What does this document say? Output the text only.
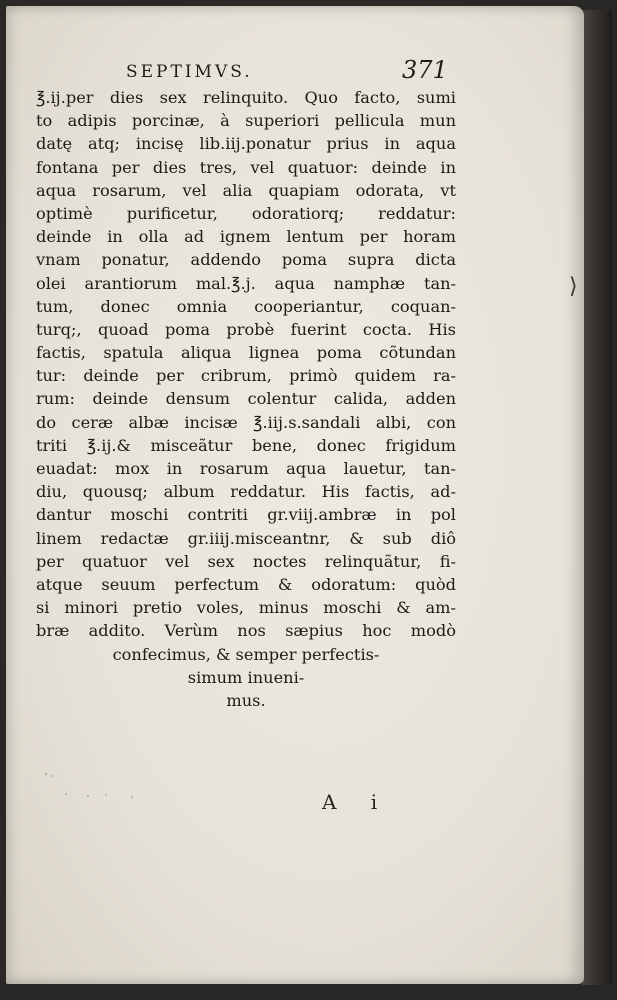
⟩
SEPTIMVS.	371
℥.ij.per dies sex relinquito. Quo facto, sumi
to adipis porcinæ, à superiori pellicula mun
datę atq; incisę lib.iij.ponatur prius in aqua
fontana per dies tres, vel quatuor: deinde in
aqua rosarum, vel alia quapiam odorata, vt
optimè purificetur, odoratiorq; reddatur:
deinde in olla ad ignem lentum per horam
vnam ponatur, addendo poma supra dicta
olei arantiorum mal.℥.j. aqua namphæ tan-
tum, donec omnia cooperiantur, coquan-
turq;, quoad poma probè fuerint cocta. His
factis, spatula aliqua lignea poma cõtundan
tur: deinde per cribrum, primò quidem ra-
rum: deinde densum colentur calida, adden
do ceræ albæ incisæ ℥.iij.s.sandali albi, con
triti ℥.ij.& misceãtur bene, donec frigidum
euadat: mox in rosarum aqua lauetur, tan-
diu, quousq; album reddatur. His factis, ad-
dantur moschi contriti gr.viij.ambræ in pol
linem redactæ gr.iiij.misceantnr, & sub diô
per quatuor vel sex noctes relinquãtur, fi-
atque seuum perfectum & odoratum: quòd
si minori pretio voles, minus moschi & am-
bræ addito. Verùm nos sæpius hoc modò
confecimus, & semper perfectis-
simum inueni-
mus.
A i
